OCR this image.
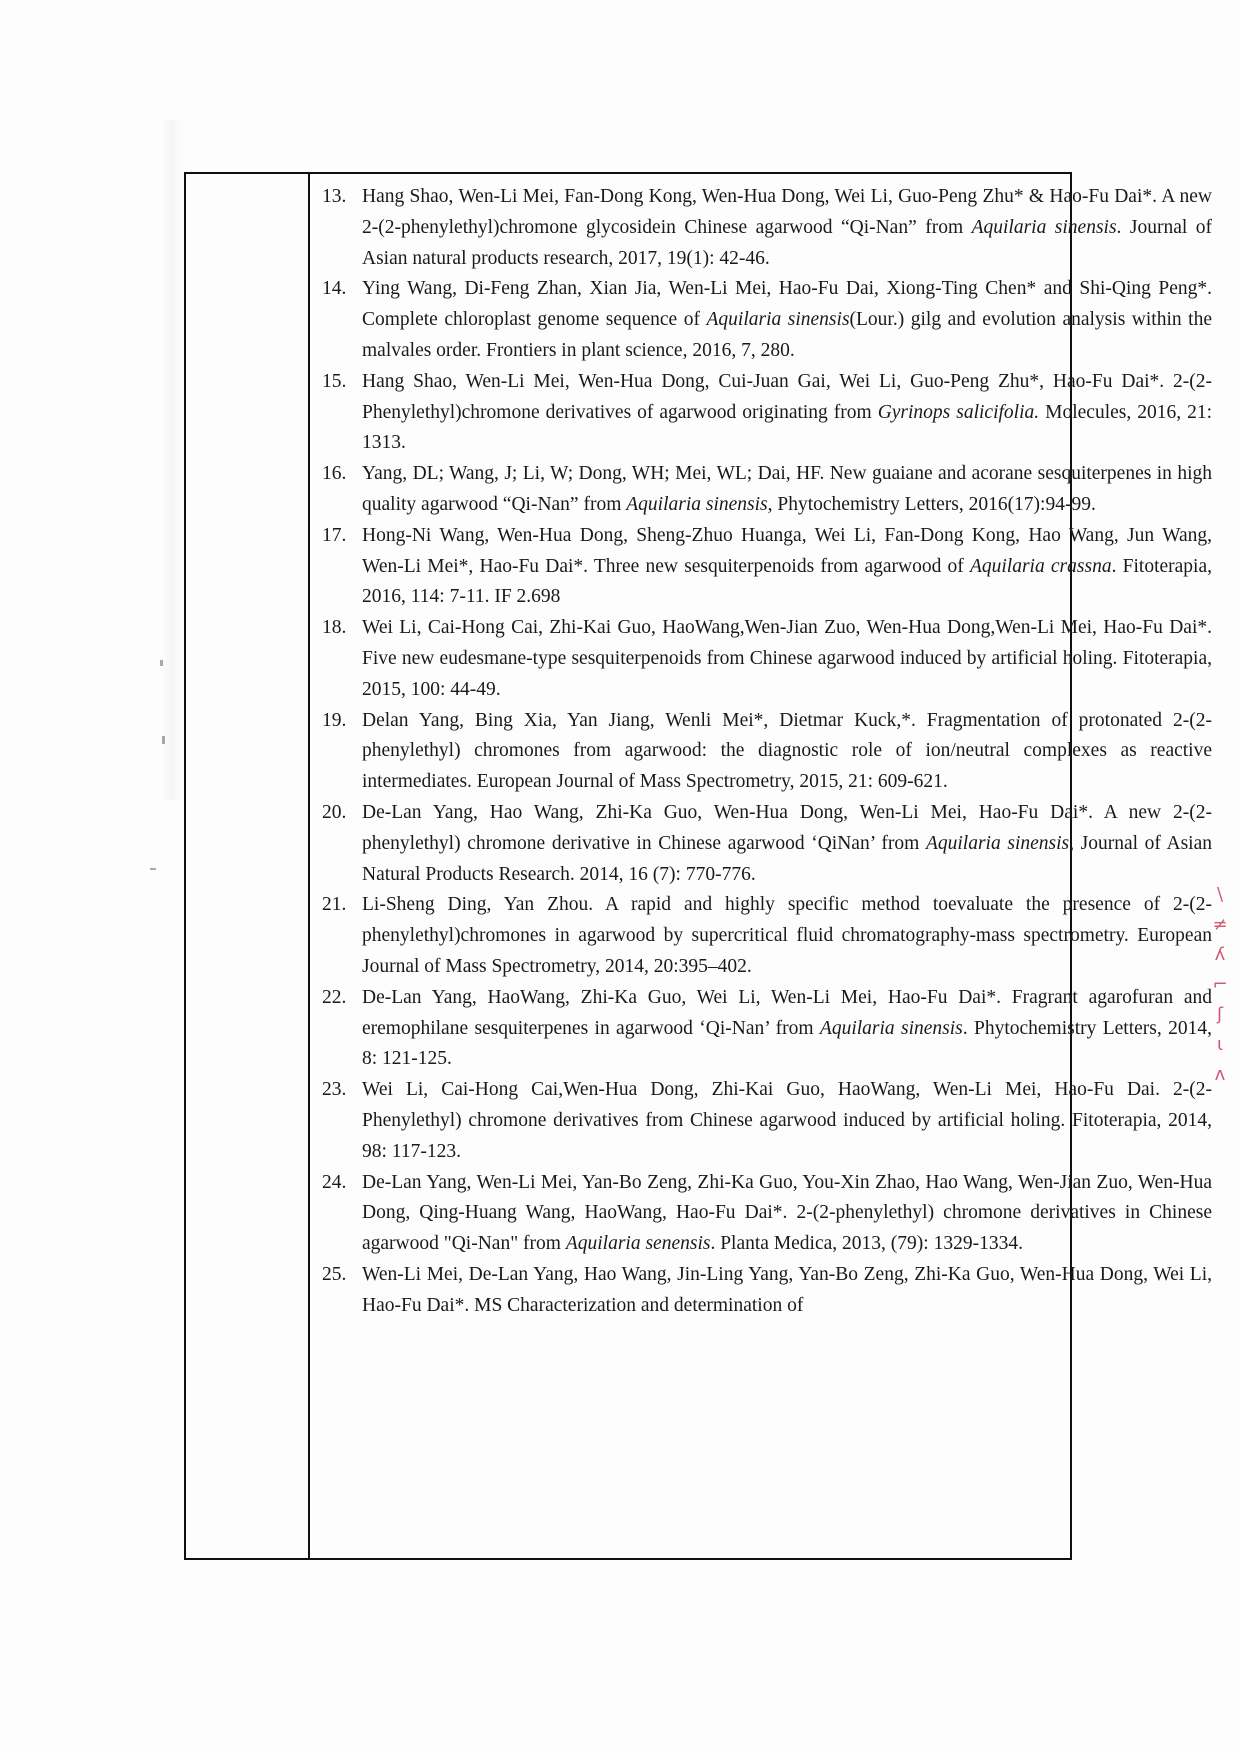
13. Hang Shao, Wen-Li Mei, Fan-Dong Kong, Wen-Hua Dong, Wei Li, Guo-Peng Zhu* & Hao-Fu Dai*. A new 2-(2-phenylethyl)chromone glycosidein Chinese agarwood “Qi-Nan” from Aquilaria sinensis. Journal of Asian natural products research, 2017, 19(1): 42-46.
14. Ying Wang, Di-Feng Zhan, Xian Jia, Wen-Li Mei, Hao-Fu Dai, Xiong-Ting Chen* and Shi-Qing Peng*. Complete chloroplast genome sequence of Aquilaria sinensis(Lour.) gilg and evolution analysis within the malvales order. Frontiers in plant science, 2016, 7, 280.
15. Hang Shao, Wen-Li Mei, Wen-Hua Dong, Cui-Juan Gai, Wei Li, Guo-Peng Zhu*, Hao-Fu Dai*. 2-(2-Phenylethyl)chromone derivatives of agarwood originating from Gyrinops salicifolia. Molecules, 2016, 21: 1313.
16. Yang, DL; Wang, J; Li, W; Dong, WH; Mei, WL; Dai, HF. New guaiane and acorane sesquiterpenes in high quality agarwood “Qi-Nan” from Aquilaria sinensis, Phytochemistry Letters, 2016(17):94-99.
17. Hong-Ni Wang, Wen-Hua Dong, Sheng-Zhuo Huanga, Wei Li, Fan-Dong Kong, Hao Wang, Jun Wang, Wen-Li Mei*, Hao-Fu Dai*. Three new sesquiterpenoids from agarwood of Aquilaria crassna. Fitoterapia, 2016, 114: 7-11. IF 2.698
18. Wei Li, Cai-Hong Cai, Zhi-Kai Guo, HaoWang,Wen-Jian Zuo, Wen-Hua Dong,Wen-Li Mei, Hao-Fu Dai*. Five new eudesmane-type sesquiterpenoids from Chinese agarwood induced by artificial holing. Fitoterapia, 2015, 100: 44-49.
19. Delan Yang, Bing Xia, Yan Jiang, Wenli Mei*, Dietmar Kuck,*. Fragmentation of protonated 2-(2-phenylethyl) chromones from agarwood: the diagnostic role of ion/neutral complexes as reactive intermediates. European Journal of Mass Spectrometry, 2015, 21: 609-621.
20. De-Lan Yang, Hao Wang, Zhi-Ka Guo, Wen-Hua Dong, Wen-Li Mei, Hao-Fu Dai*. A new 2-(2-phenylethyl) chromone derivative in Chinese agarwood ‘QiNan’ from Aquilaria sinensis, Journal of Asian Natural Products Research. 2014, 16 (7): 770-776.
21. Li-Sheng Ding, Yan Zhou. A rapid and highly specific method toevaluate the presence of 2-(2-phenylethyl)chromones in agarwood by supercritical fluid chromatography-mass spectrometry. European Journal of Mass Spectrometry, 2014, 20:395–402.
22. De-Lan Yang, HaoWang, Zhi-Ka Guo, Wei Li, Wen-Li Mei, Hao-Fu Dai*. Fragrant agarofuran and eremophilane sesquiterpenes in agarwood ‘Qi-Nan’ from Aquilaria sinensis. Phytochemistry Letters, 2014, 8: 121-125.
23. Wei Li, Cai-Hong Cai,Wen-Hua Dong, Zhi-Kai Guo, HaoWang, Wen-Li Mei, Hao-Fu Dai. 2-(2-Phenylethyl) chromone derivatives from Chinese agarwood induced by artificial holing. Fitoterapia, 2014, 98: 117-123.
24. De-Lan Yang, Wen-Li Mei, Yan-Bo Zeng, Zhi-Ka Guo, You-Xin Zhao, Hao Wang, Wen-Jian Zuo, Wen-Hua Dong, Qing-Huang Wang, HaoWang, Hao-Fu Dai*. 2-(2-phenylethyl) chromone derivatives in Chinese agarwood "Qi-Nan" from Aquilaria senensis. Planta Medica, 2013, (79): 1329-1334.
25. Wen-Li Mei, De-Lan Yang, Hao Wang, Jin-Ling Yang, Yan-Bo Zeng, Zhi-Ka Guo, Wen-Hua Dong, Wei Li, Hao-Fu Dai*. MS Characterization and determination of
\
≠
ʎ
⌐
ʃ
ɩ
ʌ
